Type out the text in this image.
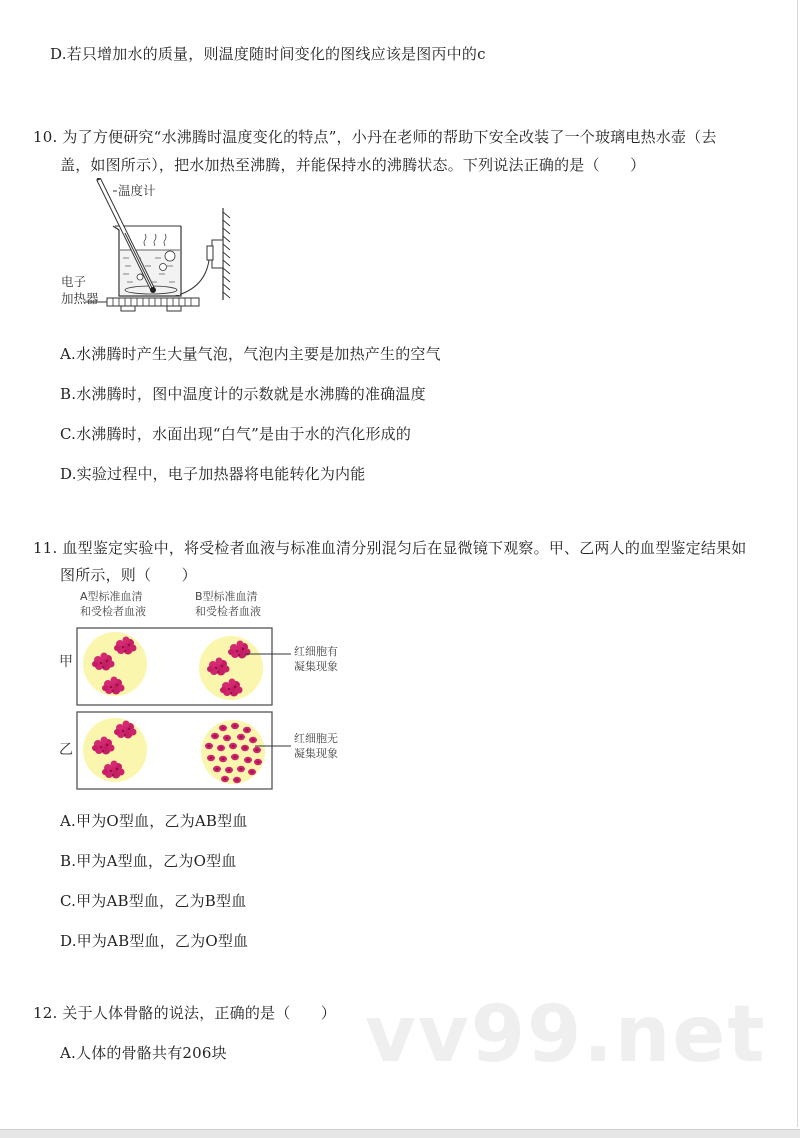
D.若只增加水的质量，则温度随时间变化的图线应该是图丙中的c
10. 为了方便研究“水沸腾时温度变化的特点”，小丹在老师的帮助下安全改装了一个玻璃电热水壶（去
盖，如图所示），把水加热至沸腾，并能保持水的沸腾状态。下列说法正确的是（　　）
温度计
电子
加热器
A.水沸腾时产生大量气泡，气泡内主要是加热产生的空气
B.水沸腾时，图中温度计的示数就是水沸腾的准确温度
C.水沸腾时，水面出现“白气”是由于水的汽化形成的
D.实验过程中，电子加热器将电能转化为内能
11. 血型鉴定实验中，将受检者血液与标准血清分别混匀后在显微镜下观察。甲、乙两人的血型鉴定结果如
图所示，则（　　）
A型标准血清
和受检者血液
B型标准血清
和受检者血液
甲
乙
红细胞有
凝集现象
红细胞无
凝集现象
A.甲为O型血，乙为AB型血
B.甲为A型血，乙为O型血
C.甲为AB型血，乙为B型血
D.甲为AB型血，乙为O型血
vv99.net
12. 关于人体骨骼的说法，正确的是（　　）
A.人体的骨骼共有206块
